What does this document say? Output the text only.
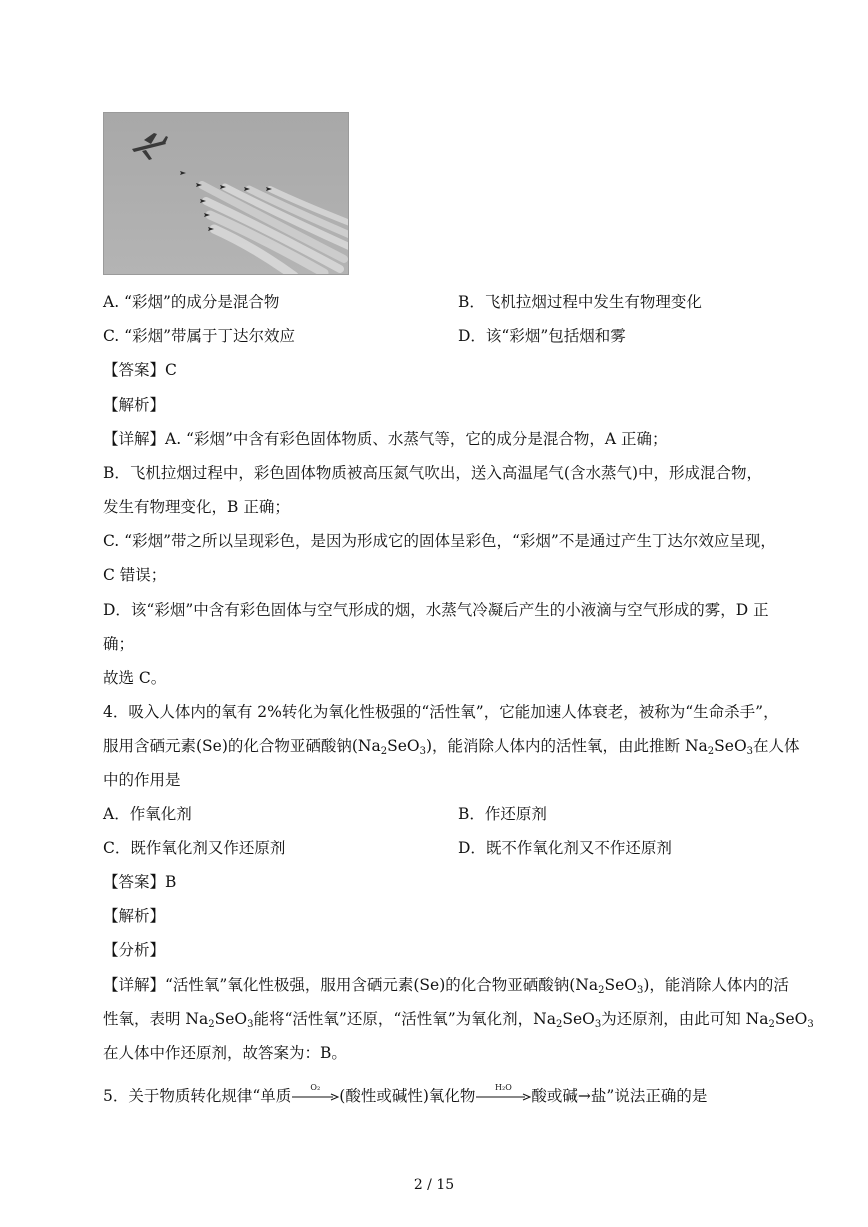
A. “彩烟”的成分是混合物	B．飞机拉烟过程中发生有物理变化
C. “彩烟”带属于丁达尔效应	D．该“彩烟”包括烟和雾
【答案】C
【解析】
【详解】A. “彩烟”中含有彩色固体物质、水蒸气等，它的成分是混合物，A 正确；
B．飞机拉烟过程中，彩色固体物质被高压氮气吹出，送入高温尾气(含水蒸气)中，形成混合物，
发生有物理变化，B 正确；
C. “彩烟”带之所以呈现彩色，是因为形成它的固体呈彩色，“彩烟”不是通过产生丁达尔效应呈现，
C 错误；
D．该“彩烟”中含有彩色固体与空气形成的烟，水蒸气冷凝后产生的小液滴与空气形成的雾，D 正
确；
故选 C。
4．吸入人体内的氧有 2%转化为氧化性极强的“活性氧”，它能加速人体衰老，被称为“生命杀手”，
服用含硒元素(Se)的化合物亚硒酸钠$(Na_2SeO_3)$，能消除人体内的活性氧，由此推断 $Na_2SeO_3$在人体
中的作用是
A．作氧化剂	B．作还原剂
C．既作氧化剂又作还原剂	D．既不作氧化剂又不作还原剂
【答案】B
【解析】
【分析】
【详解】“活性氧”氧化性极强，服用含硒元素(Se)的化合物亚硒酸钠$(Na_2SeO_3)$，能消除人体内的活
性氧，表明 $Na_2SeO_3$能将“活性氧”还原，“活性氧”为氧化剂，$Na_2SeO_3$为还原剂，由此可知 $Na_2SeO_3$
在人体中作还原剂，故答案为：B。
5．关于物质转化规律“单质	O₂	(酸性或碱性)氧化物	H₂O	酸或碱→盐”说法正确的是
2 / 15
